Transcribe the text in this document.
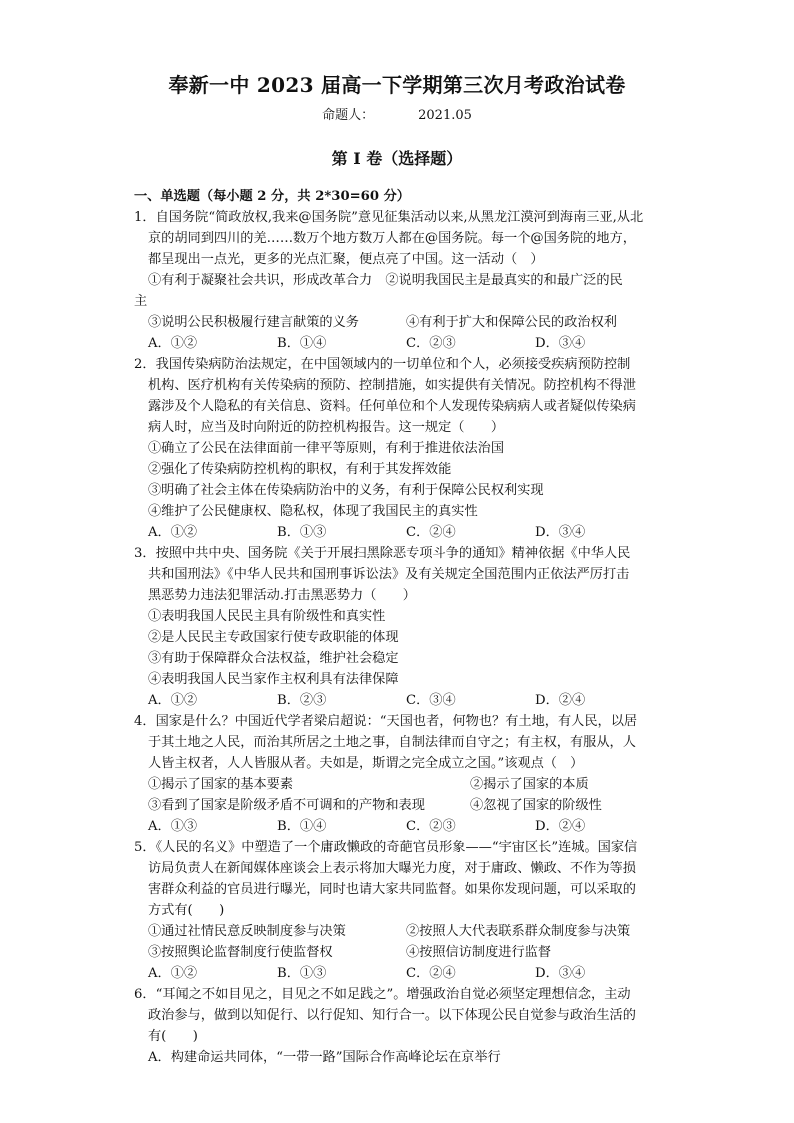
奉新一中 2023 届高一下学期第三次月考政治试卷
命题人：	2021.05
第 I 卷（选择题）
一、单选题（每小题 2 分，共 2*30=60 分）
1．自国务院“简政放权,我来@国务院”意见征集活动以来,从黑龙江漠河到海南三亚,从北
京的胡同到四川的羌……数万个地方数万人都在@国务院。每一个@国务院的地方，
都呈现出一点光，更多的光点汇聚，便点亮了中国。这一活动（　）
①有利于凝聚社会共识，形成改革合力　②说明我国民主是最真实的和最广泛的民
主
③说明公民积极履行建言献策的义务	④有利于扩大和保障公民的政治权利
A．①②	B．①④	C．②③	D．③④
2．我国传染病防治法规定，在中国领域内的一切单位和个人，必须接受疾病预防控制
机构、医疗机构有关传染病的预防、控制措施，如实提供有关情况。防控机构不得泄
露涉及个人隐私的有关信息、资料。任何单位和个人发现传染病病人或者疑似传染病
病人时，应当及时向附近的防控机构报告。这一规定（　　）
①确立了公民在法律面前一律平等原则，有利于推进依法治国
②强化了传染病防控机构的职权，有利于其发挥效能
③明确了社会主体在传染病防治中的义务，有利于保障公民权利实现
④维护了公民健康权、隐私权，体现了我国民主的真实性
A．①②	B．①③	C．②④	D．③④
3．按照中共中央、国务院《关于开展扫黑除恶专项斗争的通知》精神依据《中华人民
共和国刑法》《中华人民共和国刑事诉讼法》及有关规定全国范围内正依法严厉打击
黑恶势力违法犯罪活动.打击黑恶势力（　　）
①表明我国人民民主具有阶级性和真实性
②是人民民主专政国家行使专政职能的体现
③有助于保障群众合法权益，维护社会稳定
④表明我国人民当家作主权利具有法律保障
A．①②	B．②③	C．③④	D．②④
4．国家是什么？中国近代学者梁启超说：“天国也者，何物也？有土地，有人民，以居
于其土地之人民，而治其所居之土地之事，自制法律而自守之；有主权，有服从，人
人皆主权者，人人皆服从者。夫如是，斯谓之完全成立之国。”该观点（　）
①揭示了国家的基本要素	②揭示了国家的本质
③看到了国家是阶级矛盾不可调和的产物和表现	④忽视了国家的阶级性
A．①③	B．①④	C．②③	D．②④
5．《人民的名义》中塑造了一个庸政懒政的奇葩官员形象——“宇宙区长”连城。国家信
访局负责人在新闻媒体座谈会上表示将加大曝光力度，对于庸政、懒政、不作为等损
害群众利益的官员进行曝光，同时也请大家共同监督。如果你发现问题，可以采取的
方式有(　　)
①通过社情民意反映制度参与决策	②按照人大代表联系群众制度参与决策
③按照舆论监督制度行使监督权	④按照信访制度进行监督
A．①②	B．①③	C．②④	D．③④
6．“耳闻之不如目见之，目见之不如足践之”。增强政治自觉必须坚定理想信念，主动
政治参与，做到以知促行、以行促知、知行合一。以下体现公民自觉参与政治生活的
有(　　)
A．构建命运共同体，“一带一路”国际合作高峰论坛在京举行
